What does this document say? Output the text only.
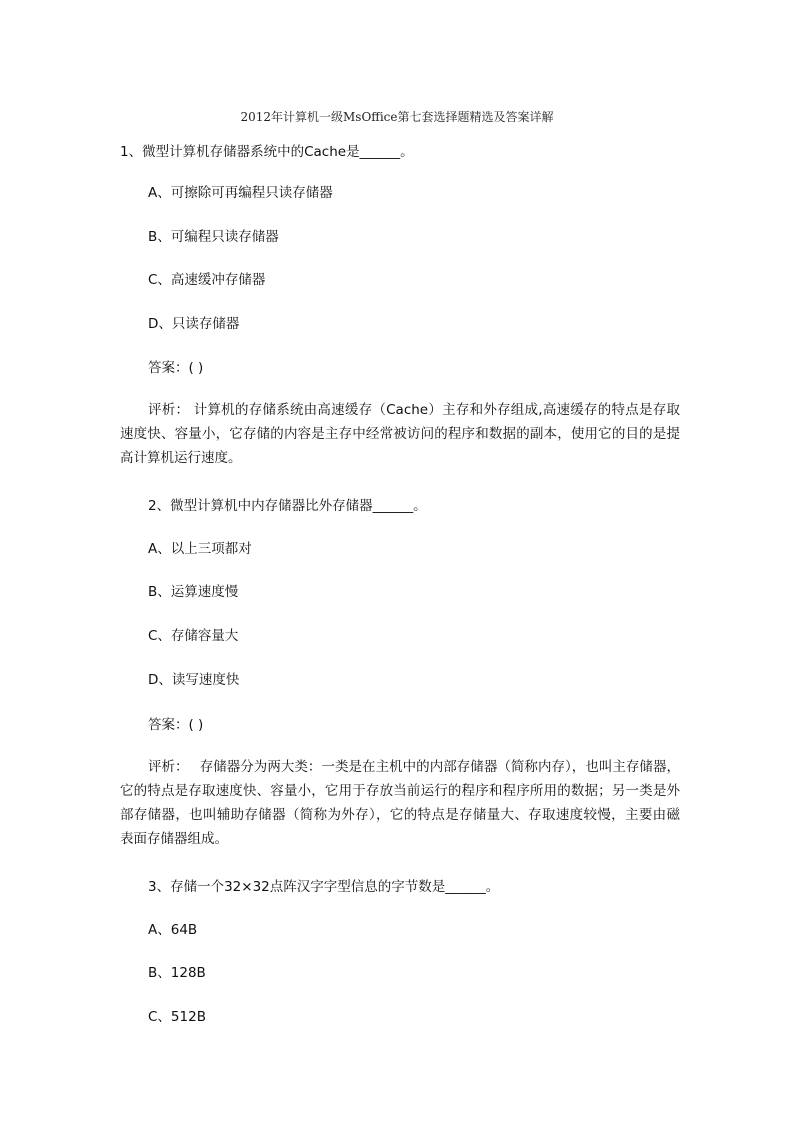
2012年计算机一级MsOffice第七套选择题精选及答案详解
1、微型计算机存储器系统中的Cache是______。
A、可擦除可再编程只读存储器
B、可编程只读存储器
C、高速缓冲存储器
D、只读存储器
答案：( )
评析： 计算机的存储系统由高速缓存（Cache）主存和外存组成,高速缓存的特点是存取速度快、容量小，它存储的内容是主存中经常被访问的程序和数据的副本，使用它的目的是提高计算机运行速度。
2、微型计算机中内存储器比外存储器______。
A、以上三项都对
B、运算速度慢
C、存储容量大
D、读写速度快
答案：( )
评析：　 存储器分为两大类：一类是在主机中的内部存储器（简称内存），也叫主存储器，它的特点是存取速度快、容量小，它用于存放当前运行的程序和程序所用的数据；另一类是外部存储器，也叫辅助存储器（简称为外存），它的特点是存储量大、存取速度较慢，主要由磁表面存储器组成。
3、存储一个32×32点阵汉字字型信息的字节数是______。
A、64B
B、128B
C、512B
